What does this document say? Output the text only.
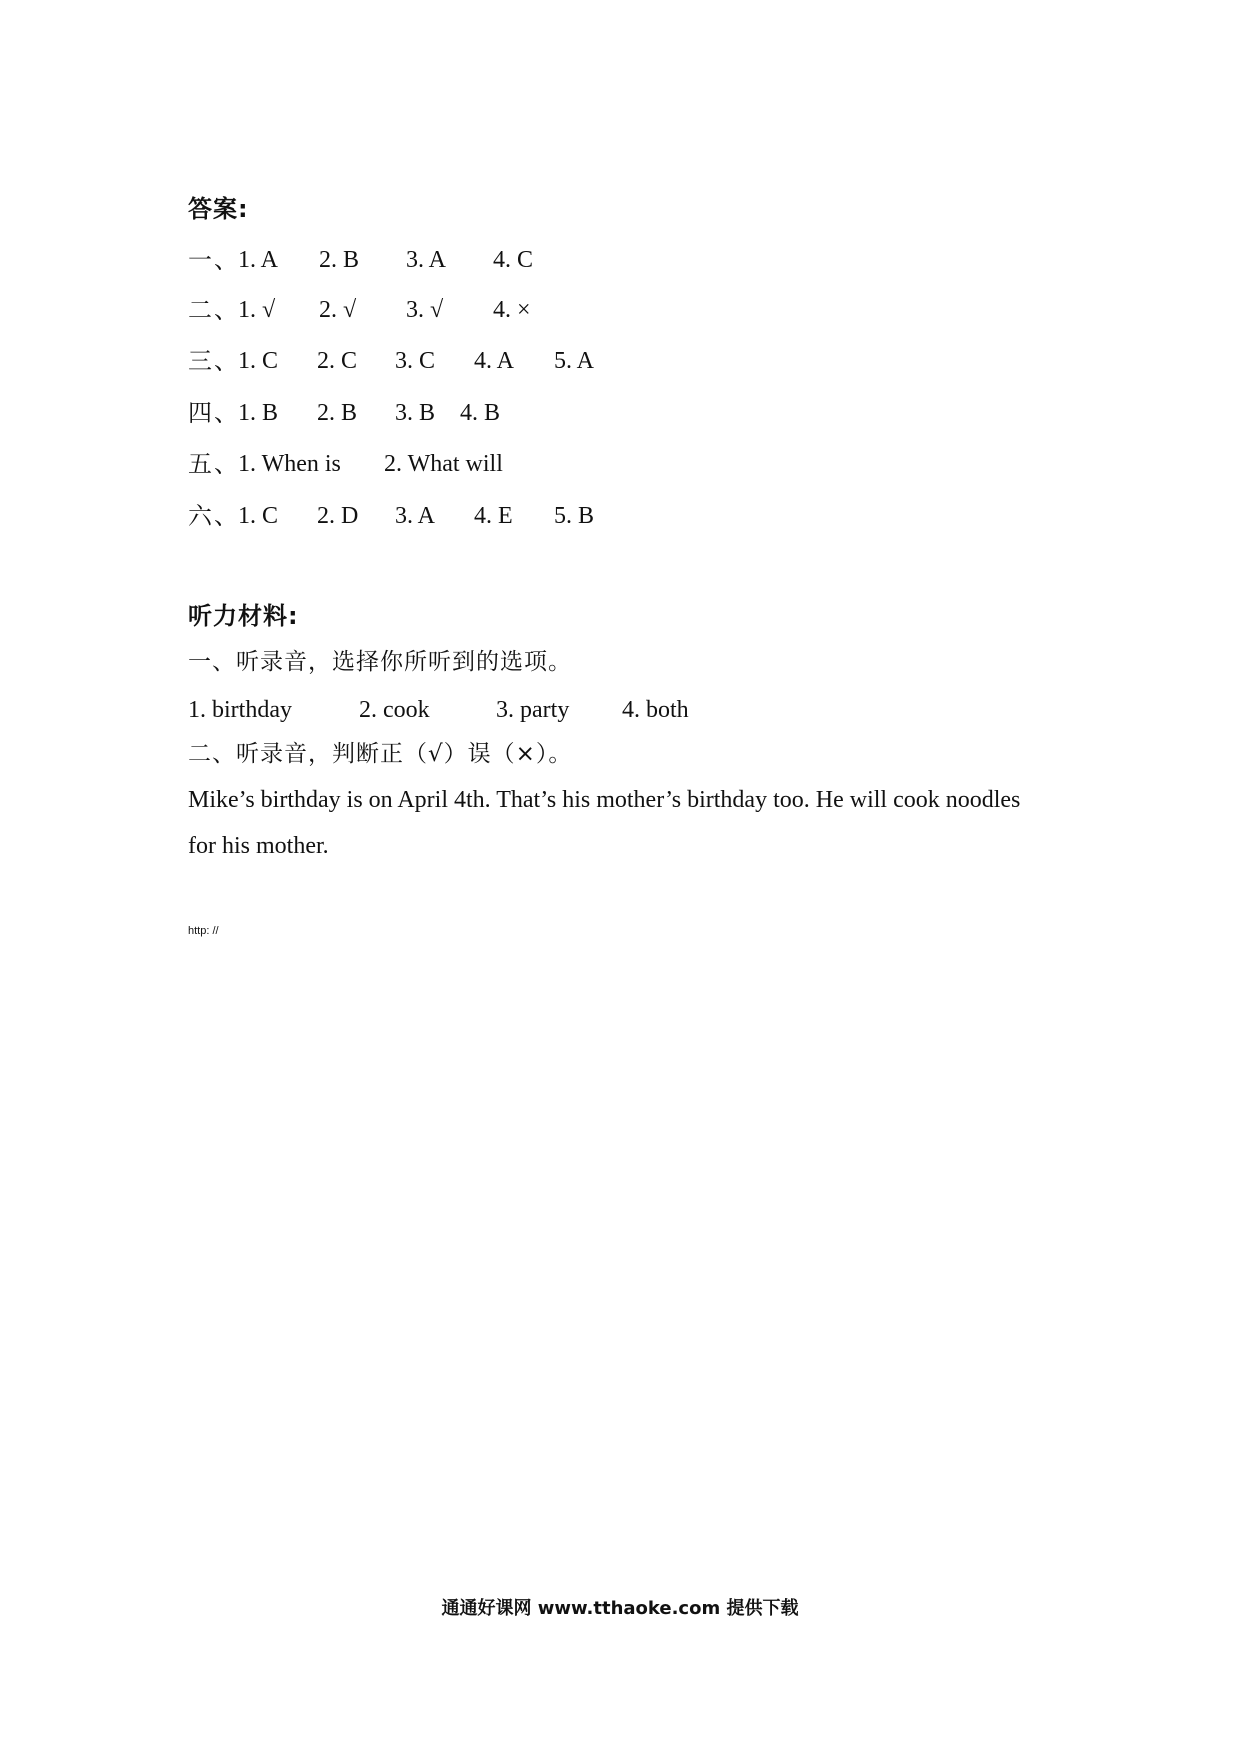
答案:
一、
1. A 2. B 3. A 4. C
二、
1. √ 2. √ 3. √ 4. ×
三、
1. C 2. C 3. C 4. A 5. A
四、
1. B 2. B 3. B 4. B
五、
1. When is 2. What will
六、
1. C 2. D 3. A 4. E 5. B
听力材料:
一、听录音，选择你所听到的选项。
1. birthday	2. cook	3. party 4. both
二、听录音，判断正（√）误（×）。
Mike’s birthday is on April 4th. That’s his mother’s birthday too. He will cook noodles for his mother.
http: //
通通好课网 www.tthaoke.com 提供下载
